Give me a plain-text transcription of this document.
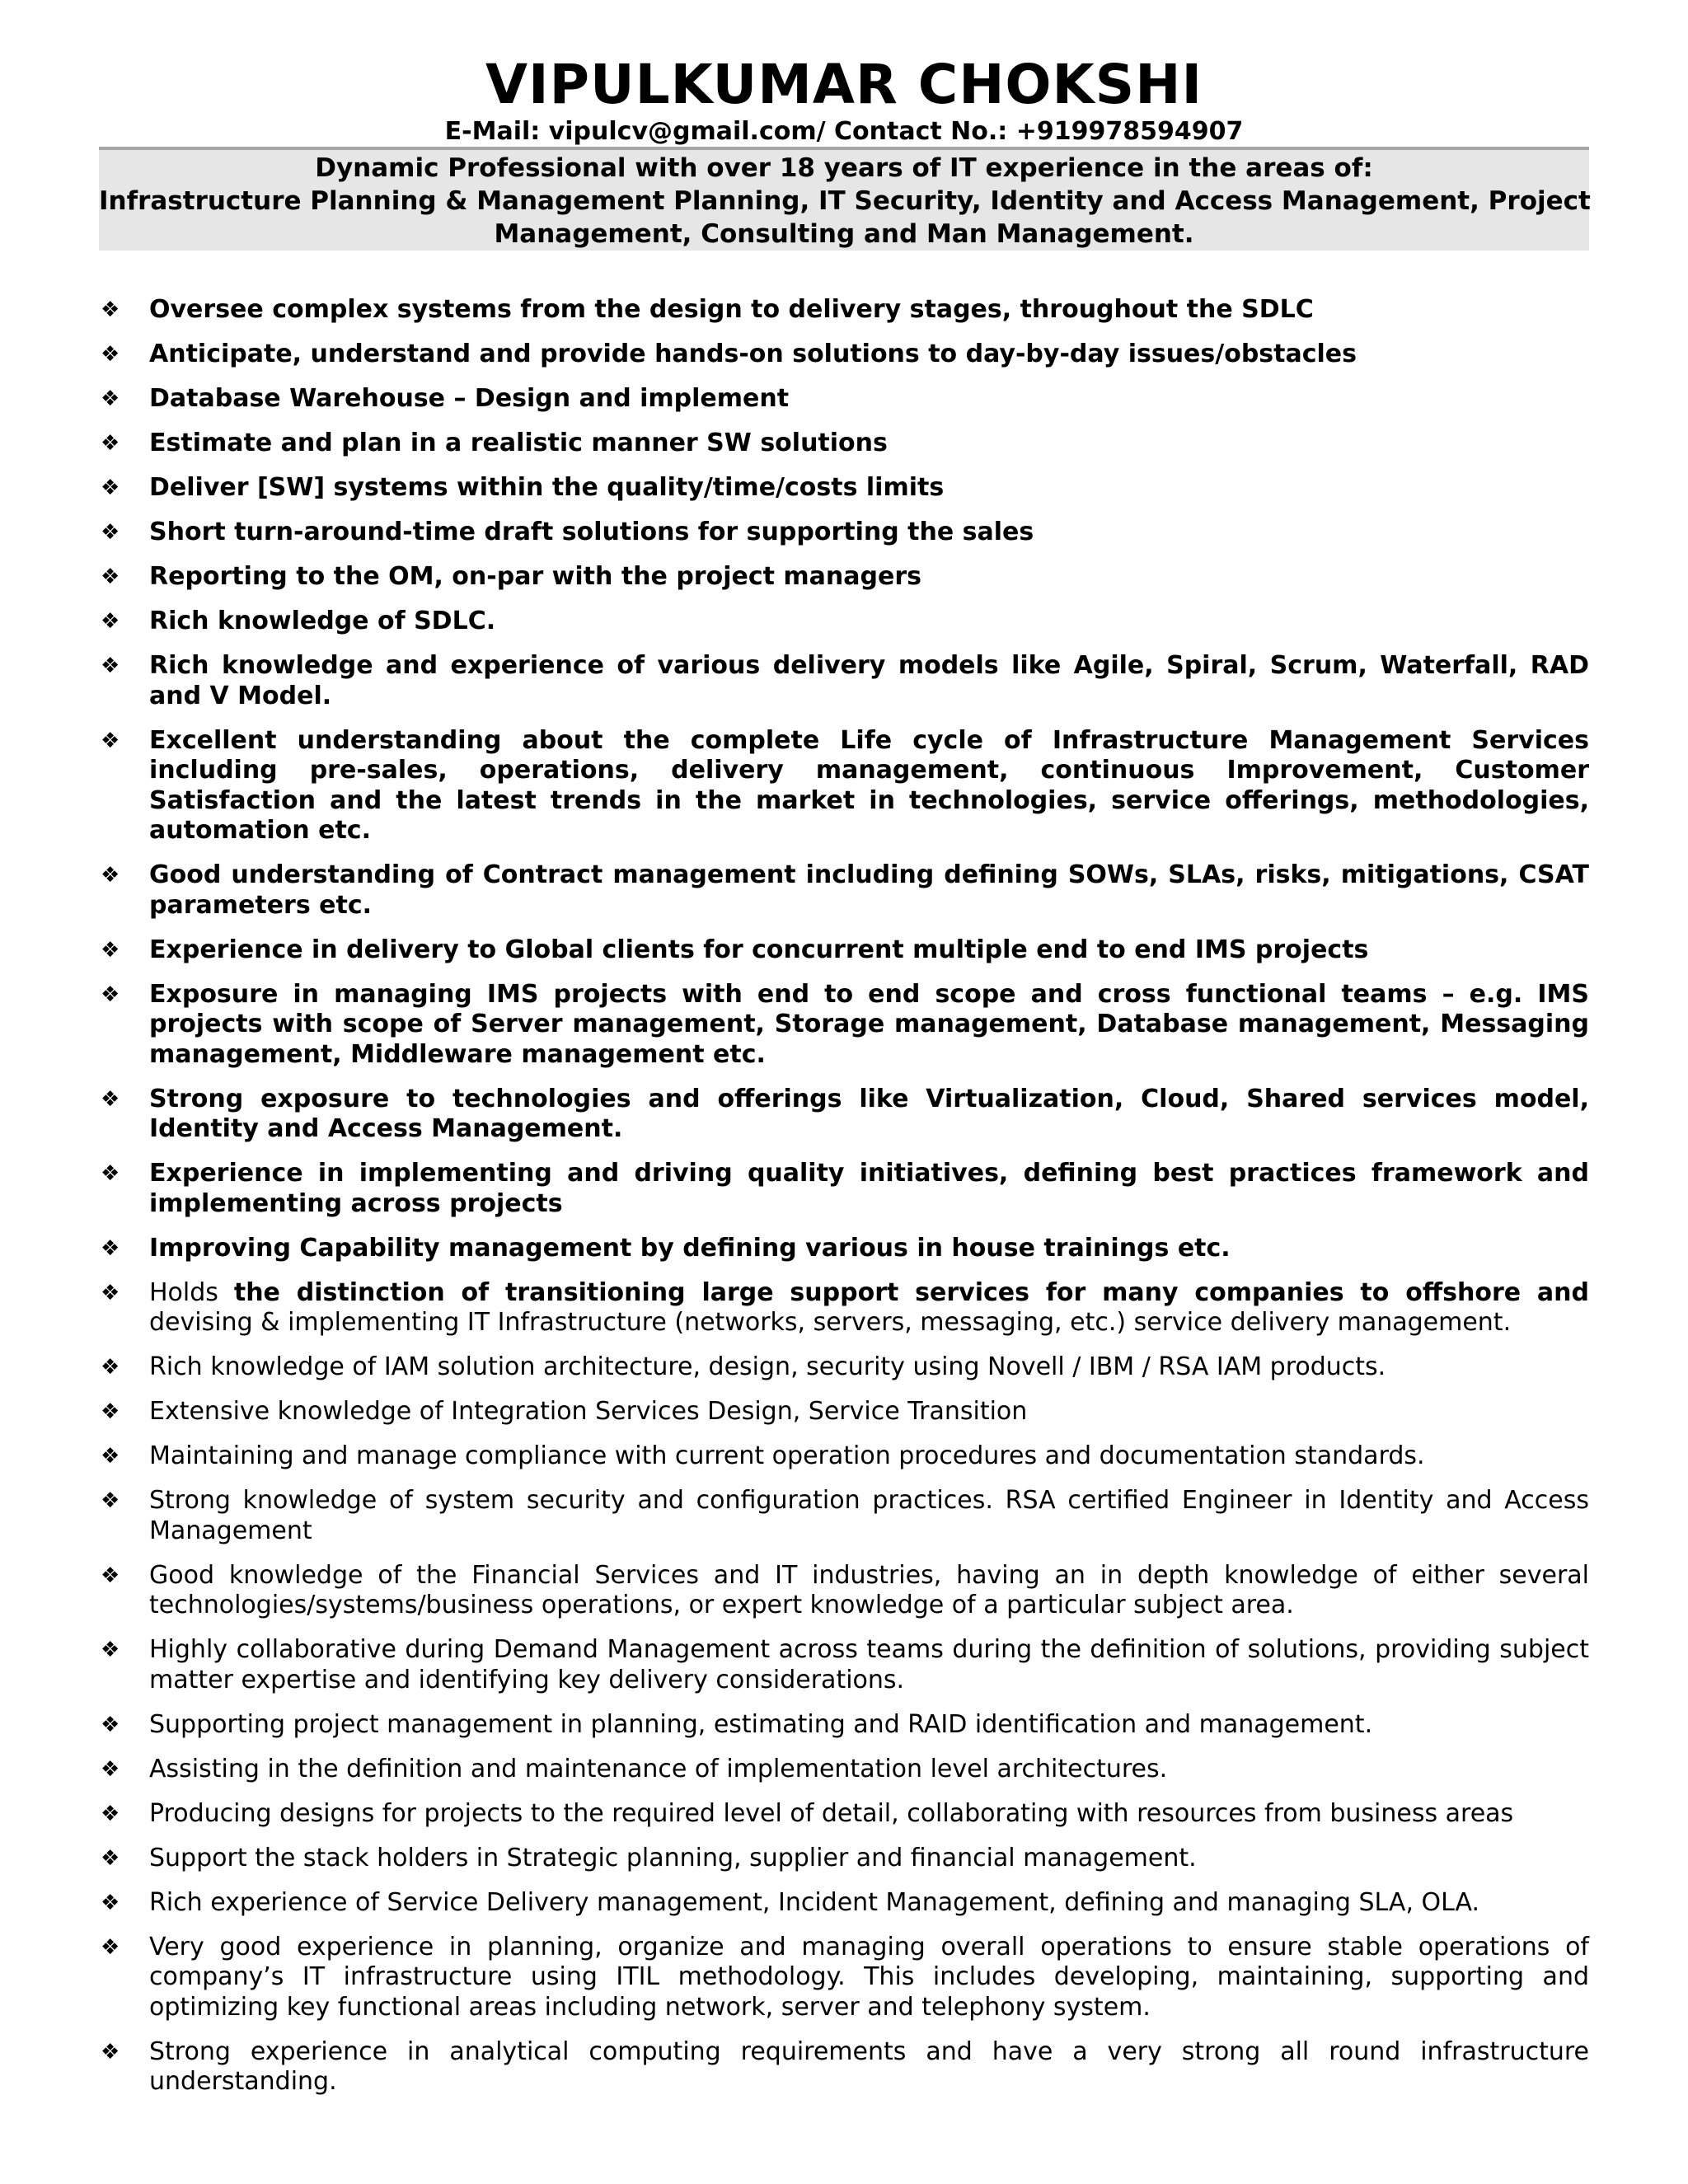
VIPULKUMAR CHOKSHI
E-Mail: vipulcv@gmail.com/ Contact No.: +919978594907
Dynamic Professional with over 18 years of IT experience in the areas of:
Infrastructure Planning & Management Planning, IT Security, Identity and Access Management, Project
Management, Consulting and Man Management.
❖ Oversee complex systems from the design to delivery stages, throughout the SDLC
❖ Anticipate, understand and provide hands-on solutions to day-by-day issues/obstacles
❖ Database Warehouse – Design and implement
❖ Estimate and plan in a realistic manner SW solutions
❖ Deliver [SW] systems within the quality/time/costs limits
❖ Short turn-around-time draft solutions for supporting the sales
❖ Reporting to the OM, on-par with the project managers
❖ Rich knowledge of SDLC.
❖ Rich knowledge and experience of various delivery models like Agile, Spiral, Scrum, Waterfall, RAD and V Model.
❖ Excellent understanding about the complete Life cycle of Infrastructure Management Services including pre-sales, operations, delivery management, continuous Improvement, Customer Satisfaction and the latest trends in the market in technologies, service offerings, methodologies, automation etc.
❖ Good understanding of Contract management including defining SOWs, SLAs, risks, mitigations, CSAT parameters etc.
❖ Experience in delivery to Global clients for concurrent multiple end to end IMS projects
❖ Exposure in managing IMS projects with end to end scope and cross functional teams – e.g. IMS projects with scope of Server management, Storage management, Database management, Messaging management, Middleware management etc.
❖ Strong exposure to technologies and offerings like Virtualization, Cloud, Shared services model, Identity and Access Management.
❖ Experience in implementing and driving quality initiatives, defining best practices framework and implementing across projects
❖ Improving Capability management by defining various in house trainings etc.
❖ Holds the distinction of transitioning large support services for many companies to offshore and devising & implementing IT Infrastructure (networks, servers, messaging, etc.) service delivery management.
❖ Rich knowledge of IAM solution architecture, design, security using Novell / IBM / RSA IAM products.
❖ Extensive knowledge of Integration Services Design, Service Transition
❖ Maintaining and manage compliance with current operation procedures and documentation standards.
❖ Strong knowledge of system security and configuration practices. RSA certified Engineer in Identity and Access Management
❖ Good knowledge of the Financial Services and IT industries, having an in depth knowledge of either several technologies/systems/business operations, or expert knowledge of a particular subject area.
❖ Highly collaborative during Demand Management across teams during the definition of solutions, providing subject matter expertise and identifying key delivery considerations.
❖ Supporting project management in planning, estimating and RAID identification and management.
❖ Assisting in the definition and maintenance of implementation level architectures.
❖ Producing designs for projects to the required level of detail, collaborating with resources from business areas
❖ Support the stack holders in Strategic planning, supplier and financial management.
❖ Rich experience of Service Delivery management, Incident Management, defining and managing SLA, OLA.
❖ Very good experience in planning, organize and managing overall operations to ensure stable operations of company’s IT infrastructure using ITIL methodology. This includes developing, maintaining, supporting and optimizing key functional areas including network, server and telephony system.
❖ Strong experience in analytical computing requirements and have a very strong all round infrastructure understanding.
